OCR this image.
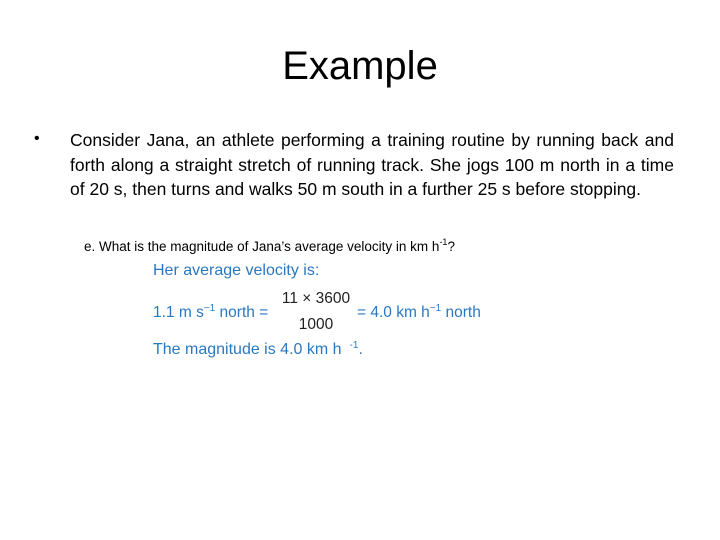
Example
• Consider Jana, an athlete performing a training routine by running back and forth along a straight stretch of running track. She jogs 100 m north in a time of 20 s, then turns and walks 50 m south in a further 25 s before stopping.
e. What is the magnitude of Jana’s average velocity in km $h^{-1}$?
Her average velocity is:
1.1 m $s^{-1}$ north =
11 × 3600
1000
= 4.0 km $h^{-1}$ north
The magnitude is 4.0 km h $^{-1}$.
